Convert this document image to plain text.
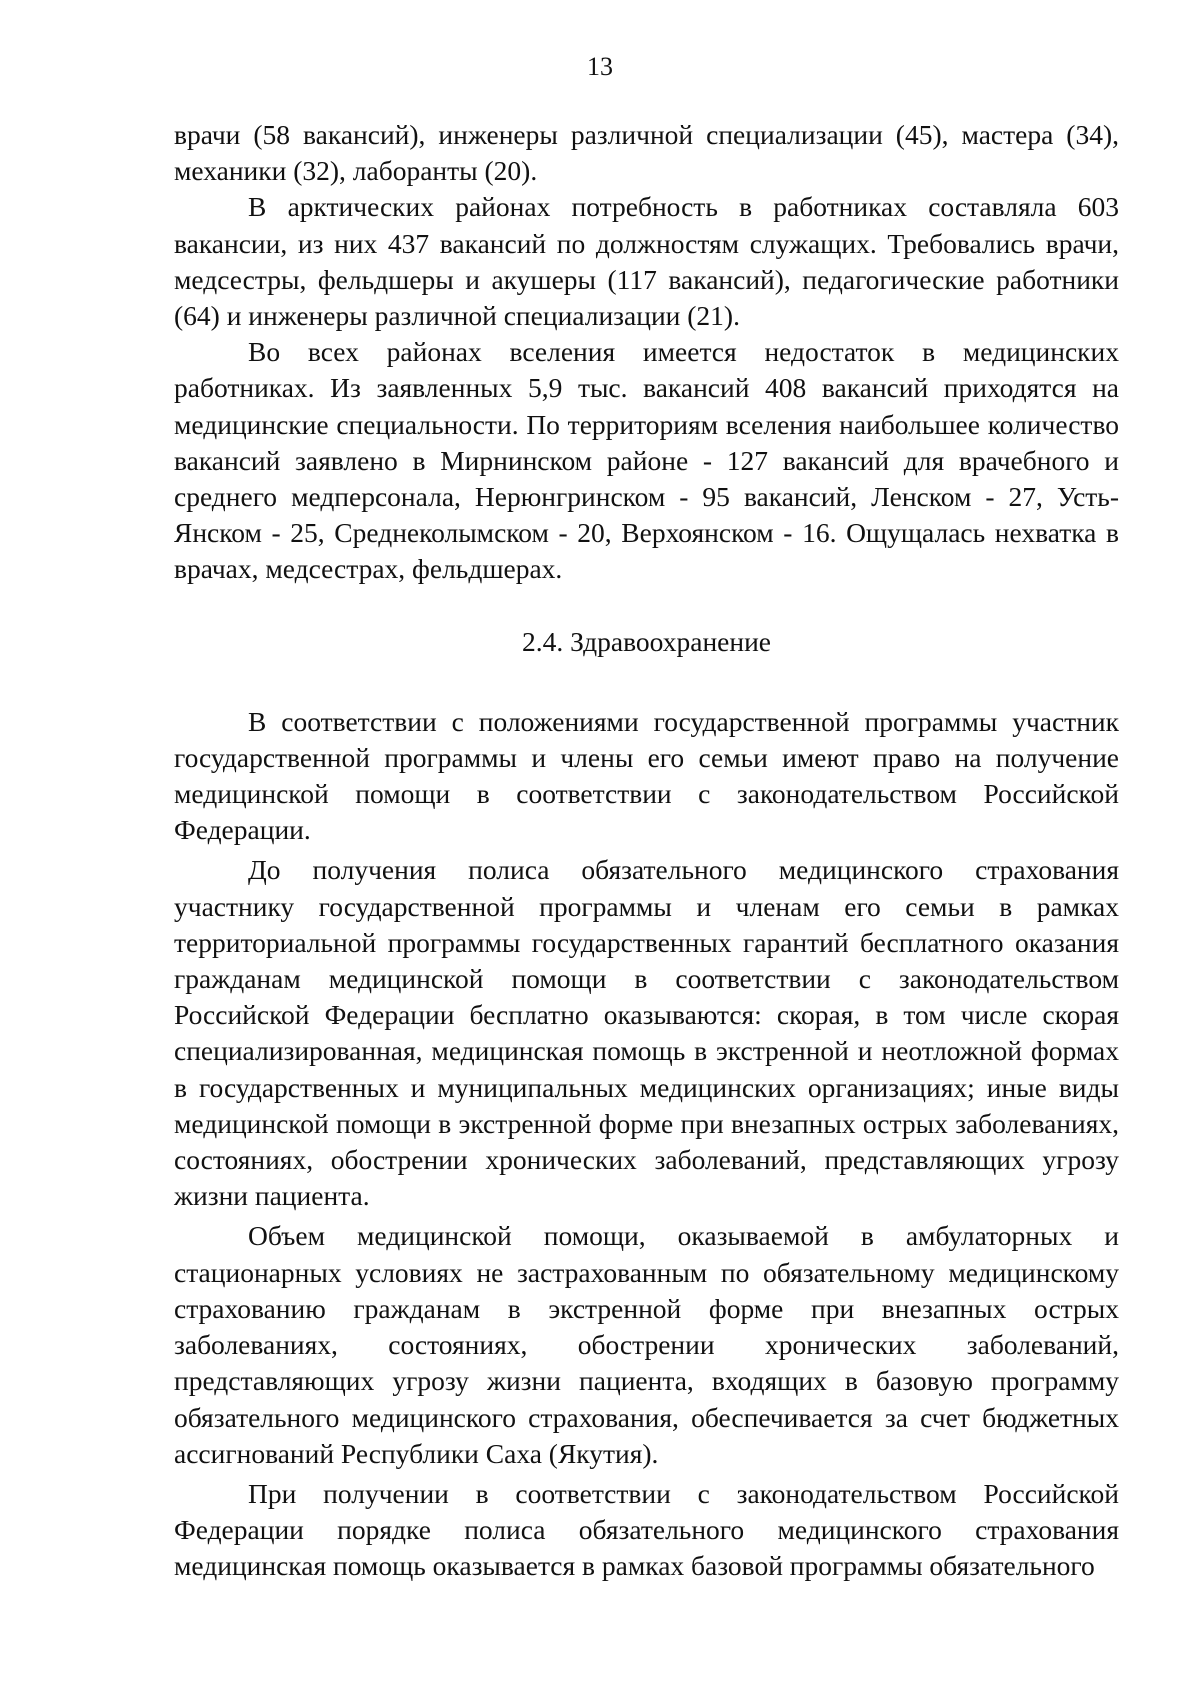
13

врачи (58 вакансий), инженеры различной специализации (45), мастера (34), механики (32), лаборанты (20).

В арктических районах потребность в работниках составляла 603 вакансии, из них 437 вакансий по должностям служащих. Требовались врачи, медсестры, фельдшеры и акушеры (117 вакансий), педагогические работники (64) и инженеры различной специализации (21).

Во всех районах вселения имеется недостаток в медицинских работниках. Из заявленных 5,9 тыс. вакансий 408 вакансий приходятся на медицинские специальности. По территориям вселения наибольшее количество вакансий заявлено в Мирнинском районе - 127 вакансий для врачебного и среднего медперсонала, Нерюнгринском - 95 вакансий, Ленском - 27, Усть-Янском - 25, Среднеколымском - 20, Верхоянском - 16. Ощущалась нехватка в врачах, медсестрах, фельдшерах.

2.4. Здравоохранение

В соответствии с положениями государственной программы участник государственной программы и члены его семьи имеют право на получение медицинской помощи в соответствии с законодательством Российской Федерации.

До получения полиса обязательного медицинского страхования участнику государственной программы и членам его семьи в рамках территориальной программы государственных гарантий бесплатного оказания гражданам медицинской помощи в соответствии с законодательством Российской Федерации бесплатно оказываются: скорая, в том числе скорая специализированная, медицинская помощь в экстренной и неотложной формах в государственных и муниципальных медицинских организациях; иные виды медицинской помощи в экстренной форме при внезапных острых заболеваниях, состояниях, обострении хронических заболеваний, представляющих угрозу жизни пациента.

Объем медицинской помощи, оказываемой в амбулаторных и стационарных условиях не застрахованным по обязательному медицинскому страхованию гражданам в экстренной форме при внезапных острых заболеваниях, состояниях, обострении хронических заболеваний, представляющих угрозу жизни пациента, входящих в базовую программу обязательного медицинского страхования, обеспечивается за счет бюджетных ассигнований Республики Саха (Якутия).

При получении в соответствии с законодательством Российской Федерации порядке полиса обязательного медицинского страхования медицинская помощь оказывается в рамках базовой программы обязательного
